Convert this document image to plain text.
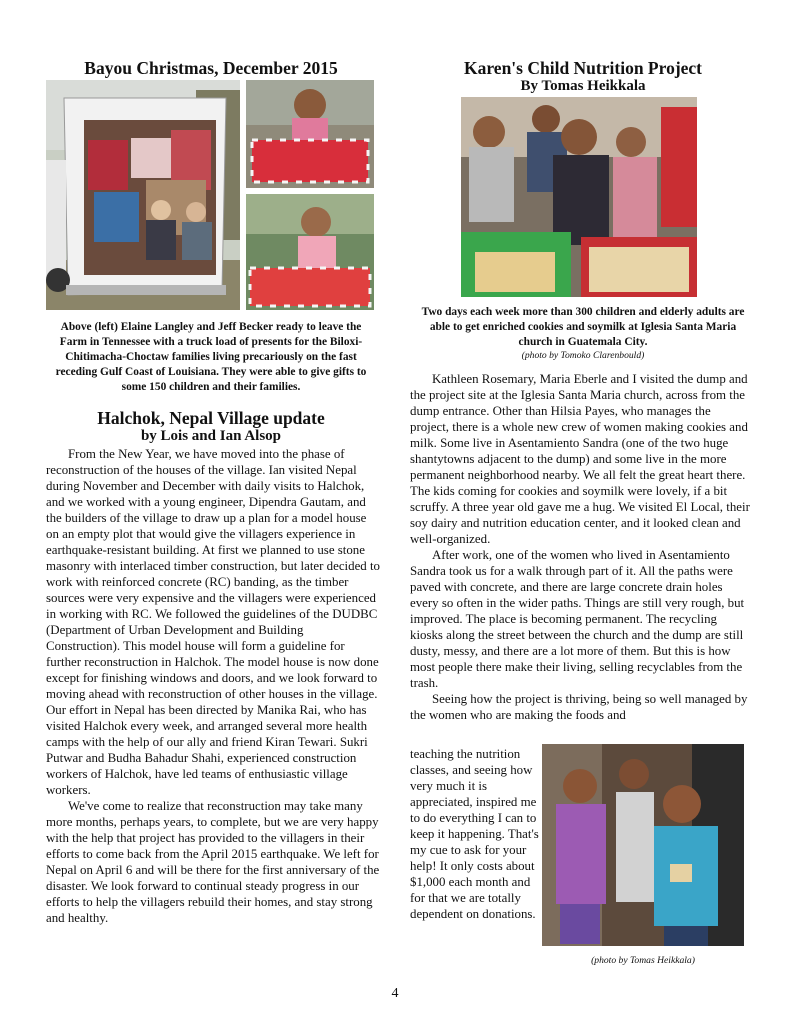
Bayou Christmas, December 2015

Above (left) Elaine Langley and Jeff Becker ready to leave the Farm in Tennessee with a truck load of presents for the Biloxi-Chitimacha-Choctaw families living precariously on the fast receding Gulf Coast of Louisiana. They were able to give gifts to some 150 children and their families.

Halchok, Nepal Village update

by Lois and Ian Alsop

From the New Year, we have moved into the phase of reconstruction of the houses of the village. Ian visited Nepal during November and December with daily visits to Halchok, and we worked with a young engineer, Dipendra Gautam, and the builders of the village to draw up a plan for a model house on an empty plot that would give the villagers experience in earthquake-resistant building. At first we planned to use stone masonry with interlaced timber construction, but later decided to work with reinforced concrete (RC) banding, as the timber sources were very expensive and the villagers were experienced in working with RC. We followed the guidelines of the DUDBC (Department of Urban Development and Building Construction). This model house will form a guideline for further reconstruction in Halchok. The model house is now done except for finishing windows and doors, and we look forward to moving ahead with reconstruction of other houses in the village. Our effort in Nepal has been directed by Manika Rai, who has visited Halchok every week, and arranged several more health camps with the help of our ally and friend Kiran Tewari. Sukri Putwar and Budha Bahadur Shahi, experienced construction workers of Halchok, have led teams of enthusiastic village workers.

We've come to realize that reconstruction may take many more months, perhaps years, to complete, but we are very happy with the help that project has provided to the villagers in their efforts to come back from the April 2015 earthquake. We left for Nepal on April 6 and will be there for the first anniversary of the disaster. We look forward to continual steady progress in our efforts to help the villagers rebuild their homes, and stay strong and healthy.

Karen's Child Nutrition Project

By Tomas Heikkala

Two days each week more than 300 children and elderly adults are able to get enriched cookies and soymilk at Iglesia Santa Maria church in Guatemala City.

(photo by Tomoko Clarenbould)

Kathleen Rosemary, Maria Eberle and I visited the dump and the project site at the Iglesia Santa Maria church, across from the dump entrance. Other than Hilsia Payes, who manages the project, there is a whole new crew of women making cookies and milk. Some live in Asentamiento Sandra (one of the two huge shantytowns adjacent to the dump) and some live in the more permanent neighborhood nearby. We all felt the great heart there. The kids coming for cookies and soymilk were lovely, if a bit scruffy. A three year old gave me a hug. We visited El Local, their soy dairy and nutrition education center, and it looked clean and well-organized.

After work, one of the women who lived in Asentamiento Sandra took us for a walk through part of it. All the paths were paved with concrete, and there are large concrete drain holes every so often in the wider paths. Things are still very rough, but improved. The place is becoming permanent. The recycling kiosks along the street between the church and the dump are still dusty, messy, and there are a lot more of them. But this is how most people there make their living, selling recyclables from the trash.

Seeing how the project is thriving, being so well managed by the women who are making the foods and

teaching the nutrition classes, and seeing how very much it is appreciated, inspired me to do everything I can to keep it happening. That's my cue to ask for your help! It only costs about $1,000 each month and for that we are totally dependent on donations.

(photo by Tomas Heikkala)

4
